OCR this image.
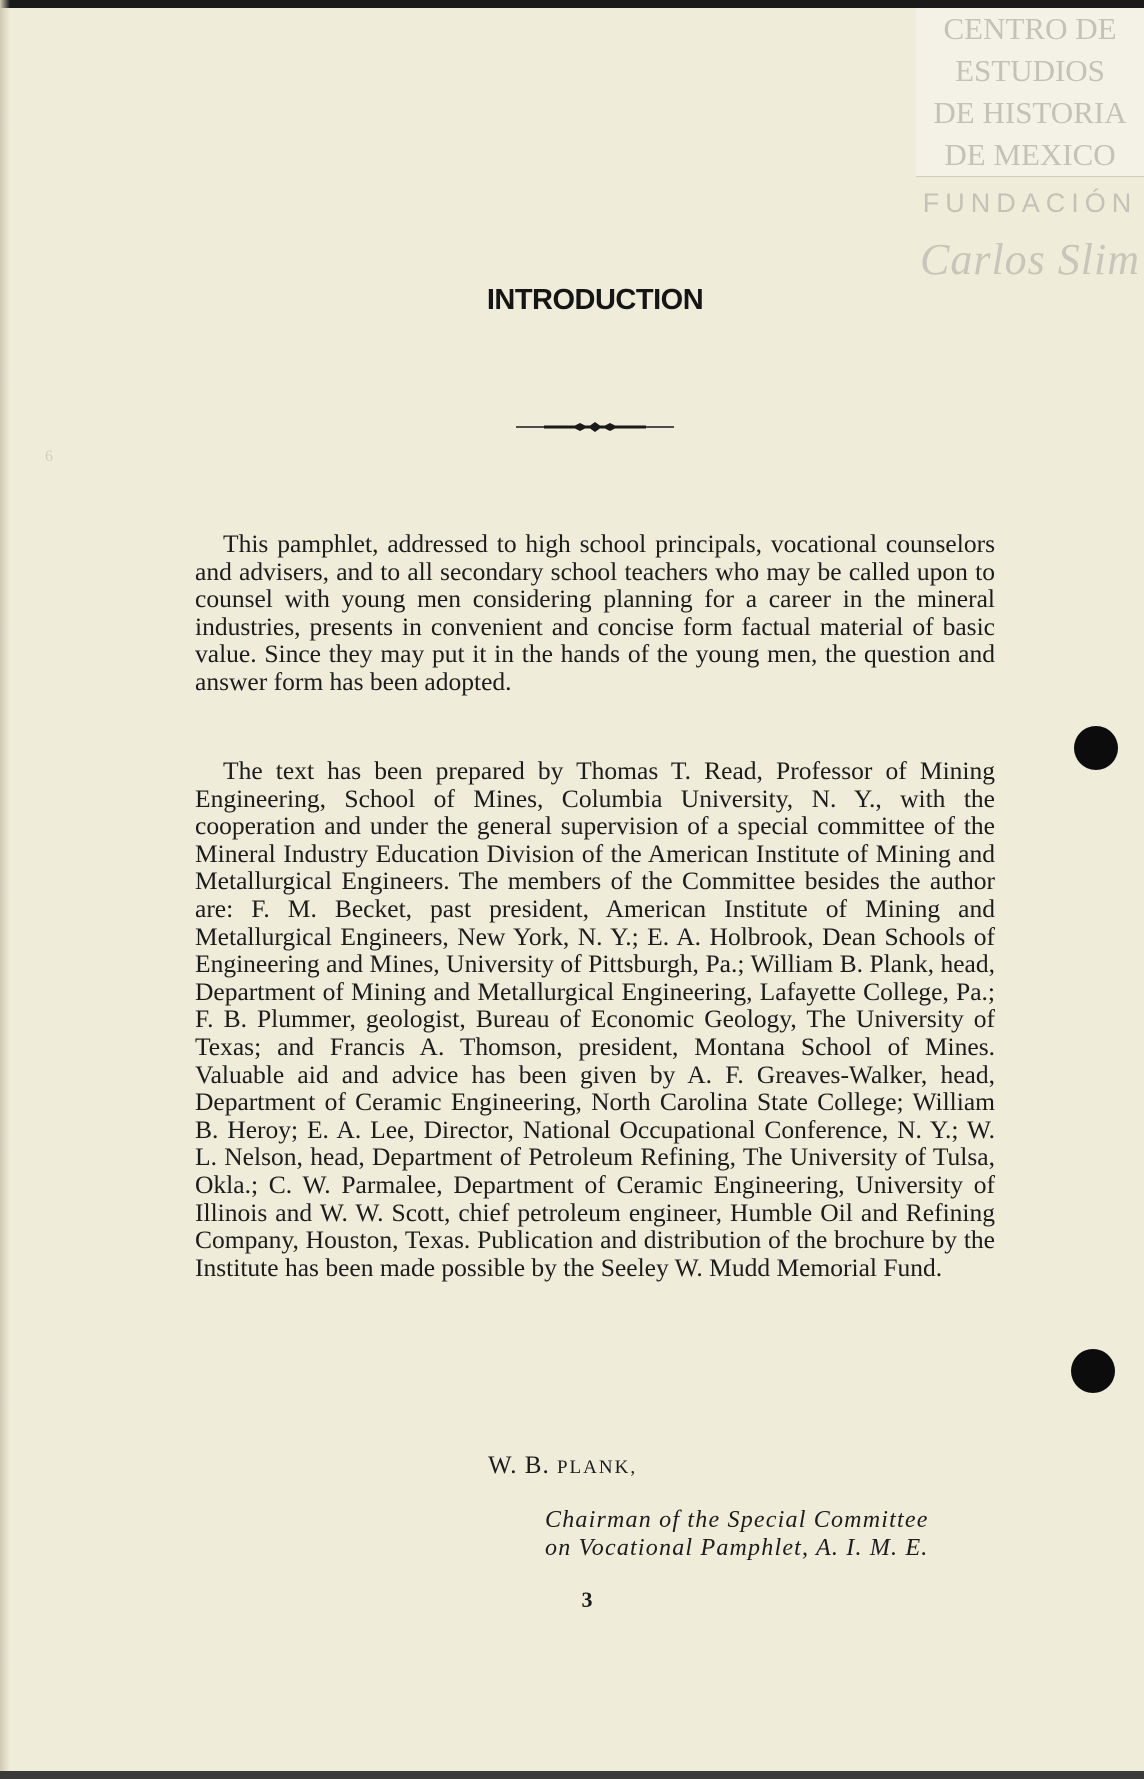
CENTRO DE
ESTUDIOS
DE HISTORIA
DE MEXICO
FUNDACIÓN
Carlos Slim
INTRODUCTION
6

This pamphlet, addressed to high school principals, vocational counselors and advisers, and to all secondary school teachers who may be called upon to counsel with young men considering planning for a career in the mineral industries, presents in convenient and concise form factual material of basic value. Since they may put it in the hands of the young men, the question and answer form has been adopted.

The text has been prepared by Thomas T. Read, Professor of Mining Engineering, School of Mines, Columbia University, N. Y., with the cooperation and under the general supervision of a special committee of the Mineral Industry Education Division of the American Institute of Mining and Metallurgical Engineers. The members of the Committee besides the author are: F. M. Becket, past president, American Institute of Mining and Metallurgical Engineers, New York, N. Y.; E. A. Holbrook, Dean Schools of Engineering and Mines, University of Pittsburgh, Pa.; William B. Plank, head, Department of Mining and Metallurgical Engineering, Lafayette College, Pa.; F. B. Plummer, geologist, Bureau of Economic Geology, The University of Texas; and Francis A. Thomson, president, Montana School of Mines. Valuable aid and advice has been given by A. F. Greaves-Walker, head, Department of Ceramic Engineering, North Carolina State College; William B. Heroy; E. A. Lee, Director, National Occupational Conference, N. Y.; W. L. Nelson, head, Department of Petroleum Refining, The University of Tulsa, Okla.; C. W. Parmalee, Department of Ceramic Engineering, University of Illinois and W. W. Scott, chief petroleum engineer, Humble Oil and Refining Company, Houston, Texas. Publication and distribution of the brochure by the Institute has been made possible by the Seeley W. Mudd Memorial Fund.

W. B. PLANK,
Chairman of the Special Committee
on Vocational Pamphlet, A. I. M. E.
3
